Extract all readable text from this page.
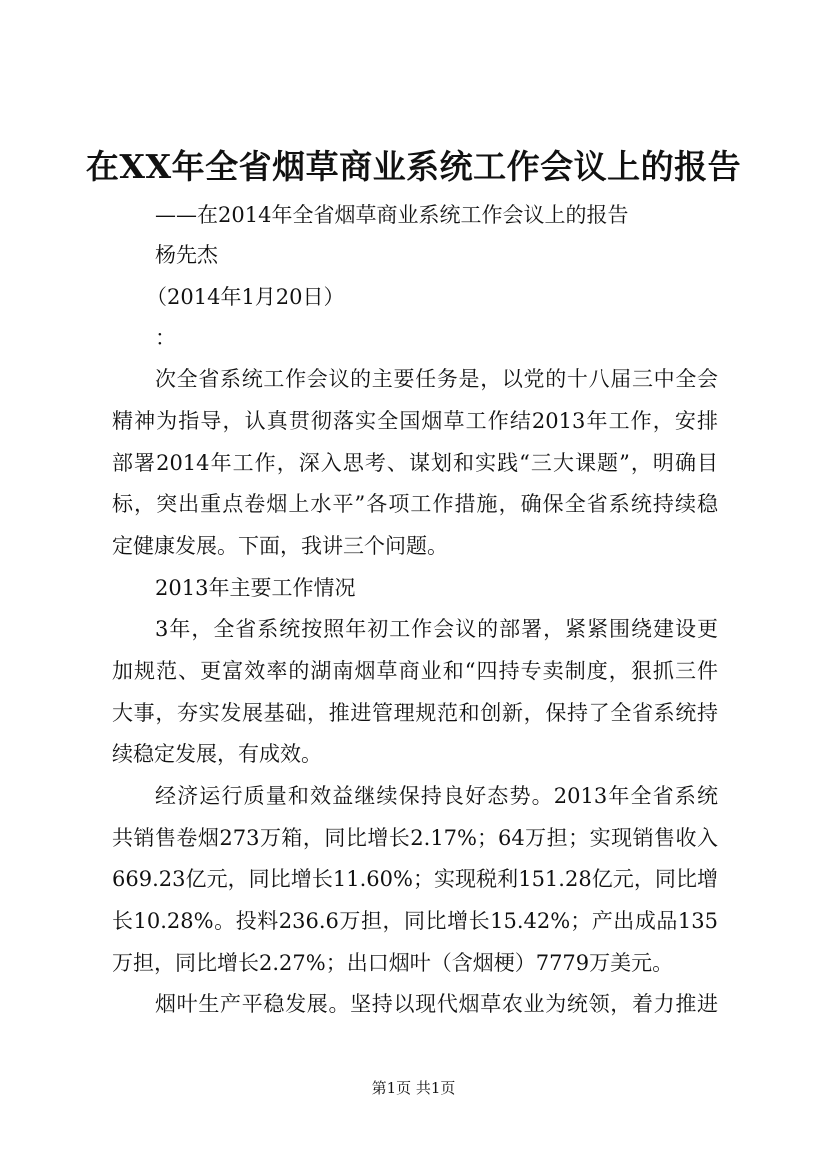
在XX年全省烟草商业系统工作会议上的报告

——在2014年全省烟草商业系统工作会议上的报告

杨先杰

（2014年1月20日）

：

次全省系统工作会议的主要任务是，以党的十八届三中全会

精神为指导，认真贯彻落实全国烟草工作结2013年工作，安排

部署2014年工作，深入思考、谋划和实践“三大课题”，明确目

标，突出重点卷烟上水平”各项工作措施，确保全省系统持续稳

定健康发展。下面，我讲三个问题。

2013年主要工作情况

3年，全省系统按照年初工作会议的部署，紧紧围绕建设更

加规范、更富效率的湖南烟草商业和“四持专卖制度，狠抓三件

大事，夯实发展基础，推进管理规范和创新，保持了全省系统持

续稳定发展，有成效。

经济运行质量和效益继续保持良好态势。2013年全省系统

共销售卷烟273万箱，同比增长2.17%；64万担；实现销售收入

669.23亿元，同比增长11.60%；实现税利151.28亿元，同比增

长10.28%。投料236.6万担，同比增长15.42%；产出成品135

万担，同比增长2.27%；出口烟叶（含烟梗）7779万美元。

烟叶生产平稳发展。坚持以现代烟草农业为统领，着力推进

第1页 共1页
